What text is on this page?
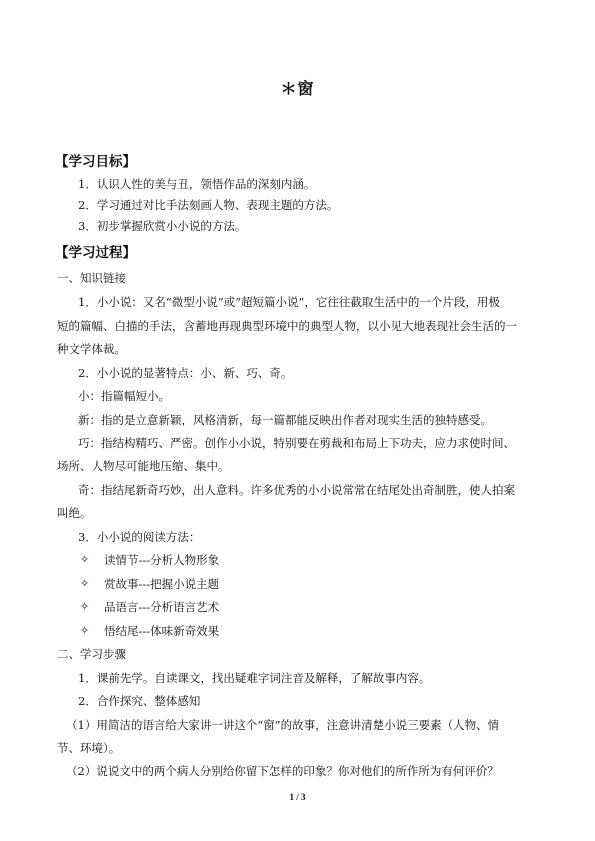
＊窗
【学习目标】
1．认识人性的美与丑，领悟作品的深刻内涵。
2．学习通过对比手法刻画人物、表现主题的方法。
3．初步掌握欣赏小小说的方法。
【学习过程】
一、知识链接
1．小小说：又名“微型小说”或“超短篇小说”，它往往截取生活中的一个片段，用极
短的篇幅、白描的手法，含蓄地再现典型环境中的典型人物，以小见大地表现社会生活的一
种文学体裁。
2．小小说的显著特点：小、新、巧、奇。
小：指篇幅短小。
新：指的是立意新颖，风格清新，每一篇都能反映出作者对现实生活的独特感受。
巧：指结构精巧、严密。创作小小说，特别要在剪裁和布局上下功夫，应力求使时间、
场所、人物尽可能地压缩、集中。
奇：指结尾新奇巧妙，出人意料。许多优秀的小小说常常在结尾处出奇制胜，使人拍案
叫绝。
3．小小说的阅读方法：
✧ 读情节---分析人物形象
✧ 赏故事---把握小说主题
✧ 品语言---分析语言艺术
✧ 悟结尾---体味新奇效果
二、学习步骤
1．课前先学。自读课文，找出疑难字词注音及解释，了解故事内容。
2．合作探究、整体感知
（1）用简洁的语言给大家讲一讲这个“窗”的故事，注意讲清楚小说三要素（人物、情
节、环境）。
（2）说说文中的两个病人分别给你留下怎样的印象？你对他们的所作所为有何评价？
1 / 3
